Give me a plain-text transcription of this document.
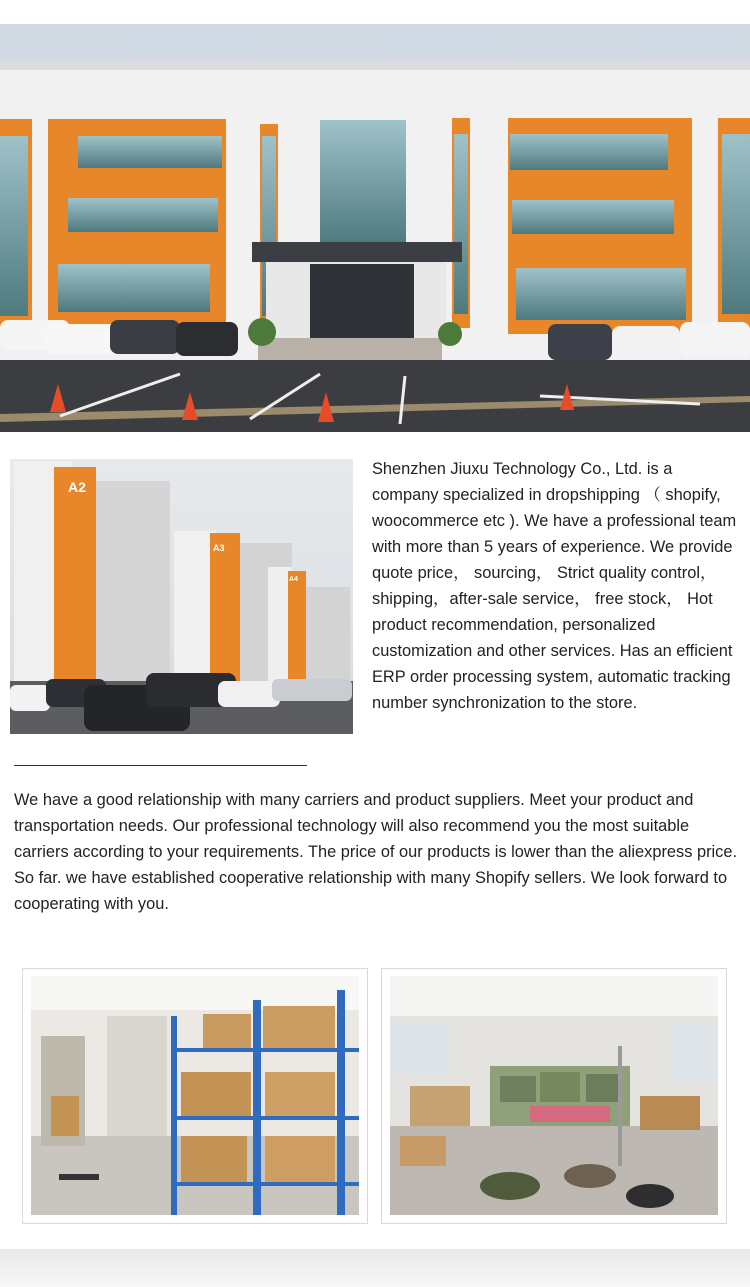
A2
A3
A4
Shenzhen Jiuxu Technology Co., Ltd. is a company specialized in dropshipping （ shopify, woocommerce etc ). We have a professional team with more than 5 years of experience. We provide quote price， sourcing， Strict quality control，shipping，after-sale service， free stock， Hot product recommendation, personalized customization and other services. Has an efficient ERP order processing system, automatic tracking number synchronization to the store.

We have a good relationship with many carriers and product suppliers. Meet your product and transportation needs. Our professional technology will also recommend you the most suitable carriers according to your requirements. The price of our products is lower than the aliexpress price.

So far. we have established cooperative relationship with many Shopify sellers. We look forward to cooperating with you.
